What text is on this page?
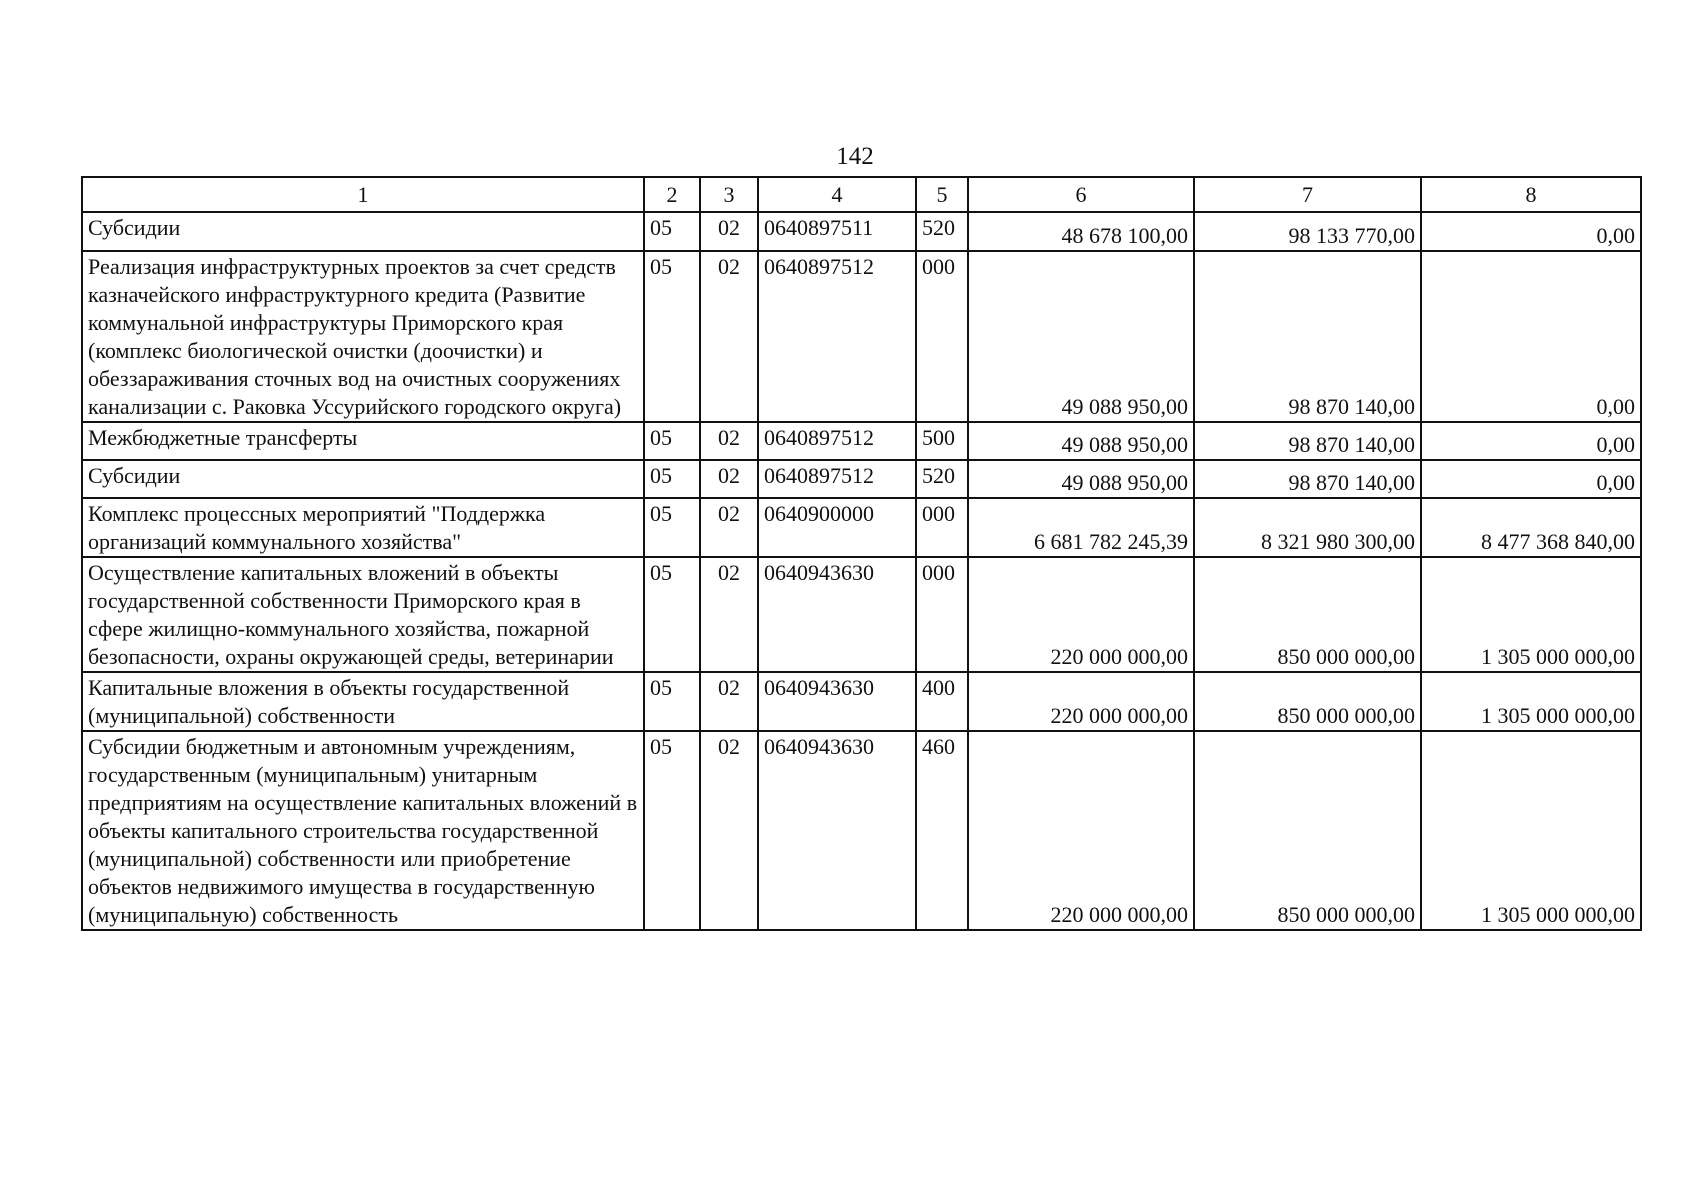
142
1	2	3	4	5	6	7	8
Субсидии	05	02	0640897511	520	48 678 100,00	98 133 770,00	0,00
Реализация инфраструктурных проектов за счет средств казначейского инфраструктурного кредита (Развитие коммунальной инфраструктуры Приморского края (комплекс биологической очистки (доочистки) и обеззараживания сточных вод на очистных сооружениях канализации с. Раковка Уссурийского городского округа)	05	02	0640897512	000	49 088 950,00	98 870 140,00	0,00
Межбюджетные трансферты	05	02	0640897512	500	49 088 950,00	98 870 140,00	0,00
Субсидии	05	02	0640897512	520	49 088 950,00	98 870 140,00	0,00
Комплекс процессных мероприятий "Поддержка организаций коммунального хозяйства"	05	02	0640900000	000	6 681 782 245,39	8 321 980 300,00	8 477 368 840,00
Осуществление капитальных вложений в объекты государственной собственности Приморского края в сфере жилищно-коммунального хозяйства, пожарной безопасности, охраны окружающей среды, ветеринарии	05	02	0640943630	000	220 000 000,00	850 000 000,00	1 305 000 000,00
Капитальные вложения в объекты государственной (муниципальной) собственности	05	02	0640943630	400	220 000 000,00	850 000 000,00	1 305 000 000,00
Субсидии бюджетным и автономным учреждениям, государственным (муниципальным) унитарным предприятиям на осуществление капитальных вложений в объекты капитального строительства государственной (муниципальной) собственности или приобретение объектов недвижимого имущества в государственную (муниципальную) собственность	05	02	0640943630	460	220 000 000,00	850 000 000,00	1 305 000 000,00
